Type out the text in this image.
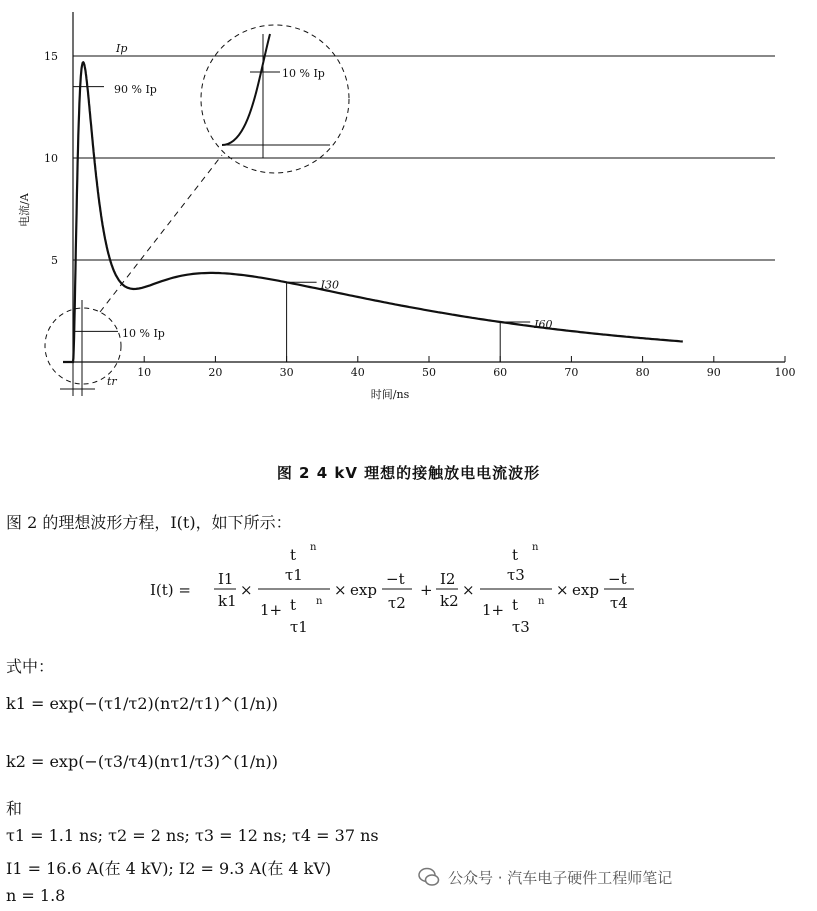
10	20	30	40	50	60	70	80	90	100
5
10
15
时间/ns
电流/A
I30
I60
Ip
90 % Ip
10 % Ip
tr
10 % Ip
图 2 4 kV 理想的接触放电电流波形
图 2 的理想波形方程，I(t)，如下所示：
I(t) =
I1
k1
×
t
τ1
n
1+ t
τ1
n
× exp
−t
τ2
+
I2
k2
×
t
τ3
n
1+ t
τ3
n
× exp
−t
τ4
式中：
k1 = exp(−(τ1/τ2)(nτ2/τ1)^(1/n))
k2 = exp(−(τ3/τ4)(nτ1/τ3)^(1/n))
和
τ1 = 1.1 ns; τ2 = 2 ns; τ3 = 12 ns; τ4 = 37 ns
I1 = 16.6 A(在 4 kV); I2 = 9.3 A(在 4 kV)
n = 1.8
公众号 · 汽车电子硬件工程师笔记
